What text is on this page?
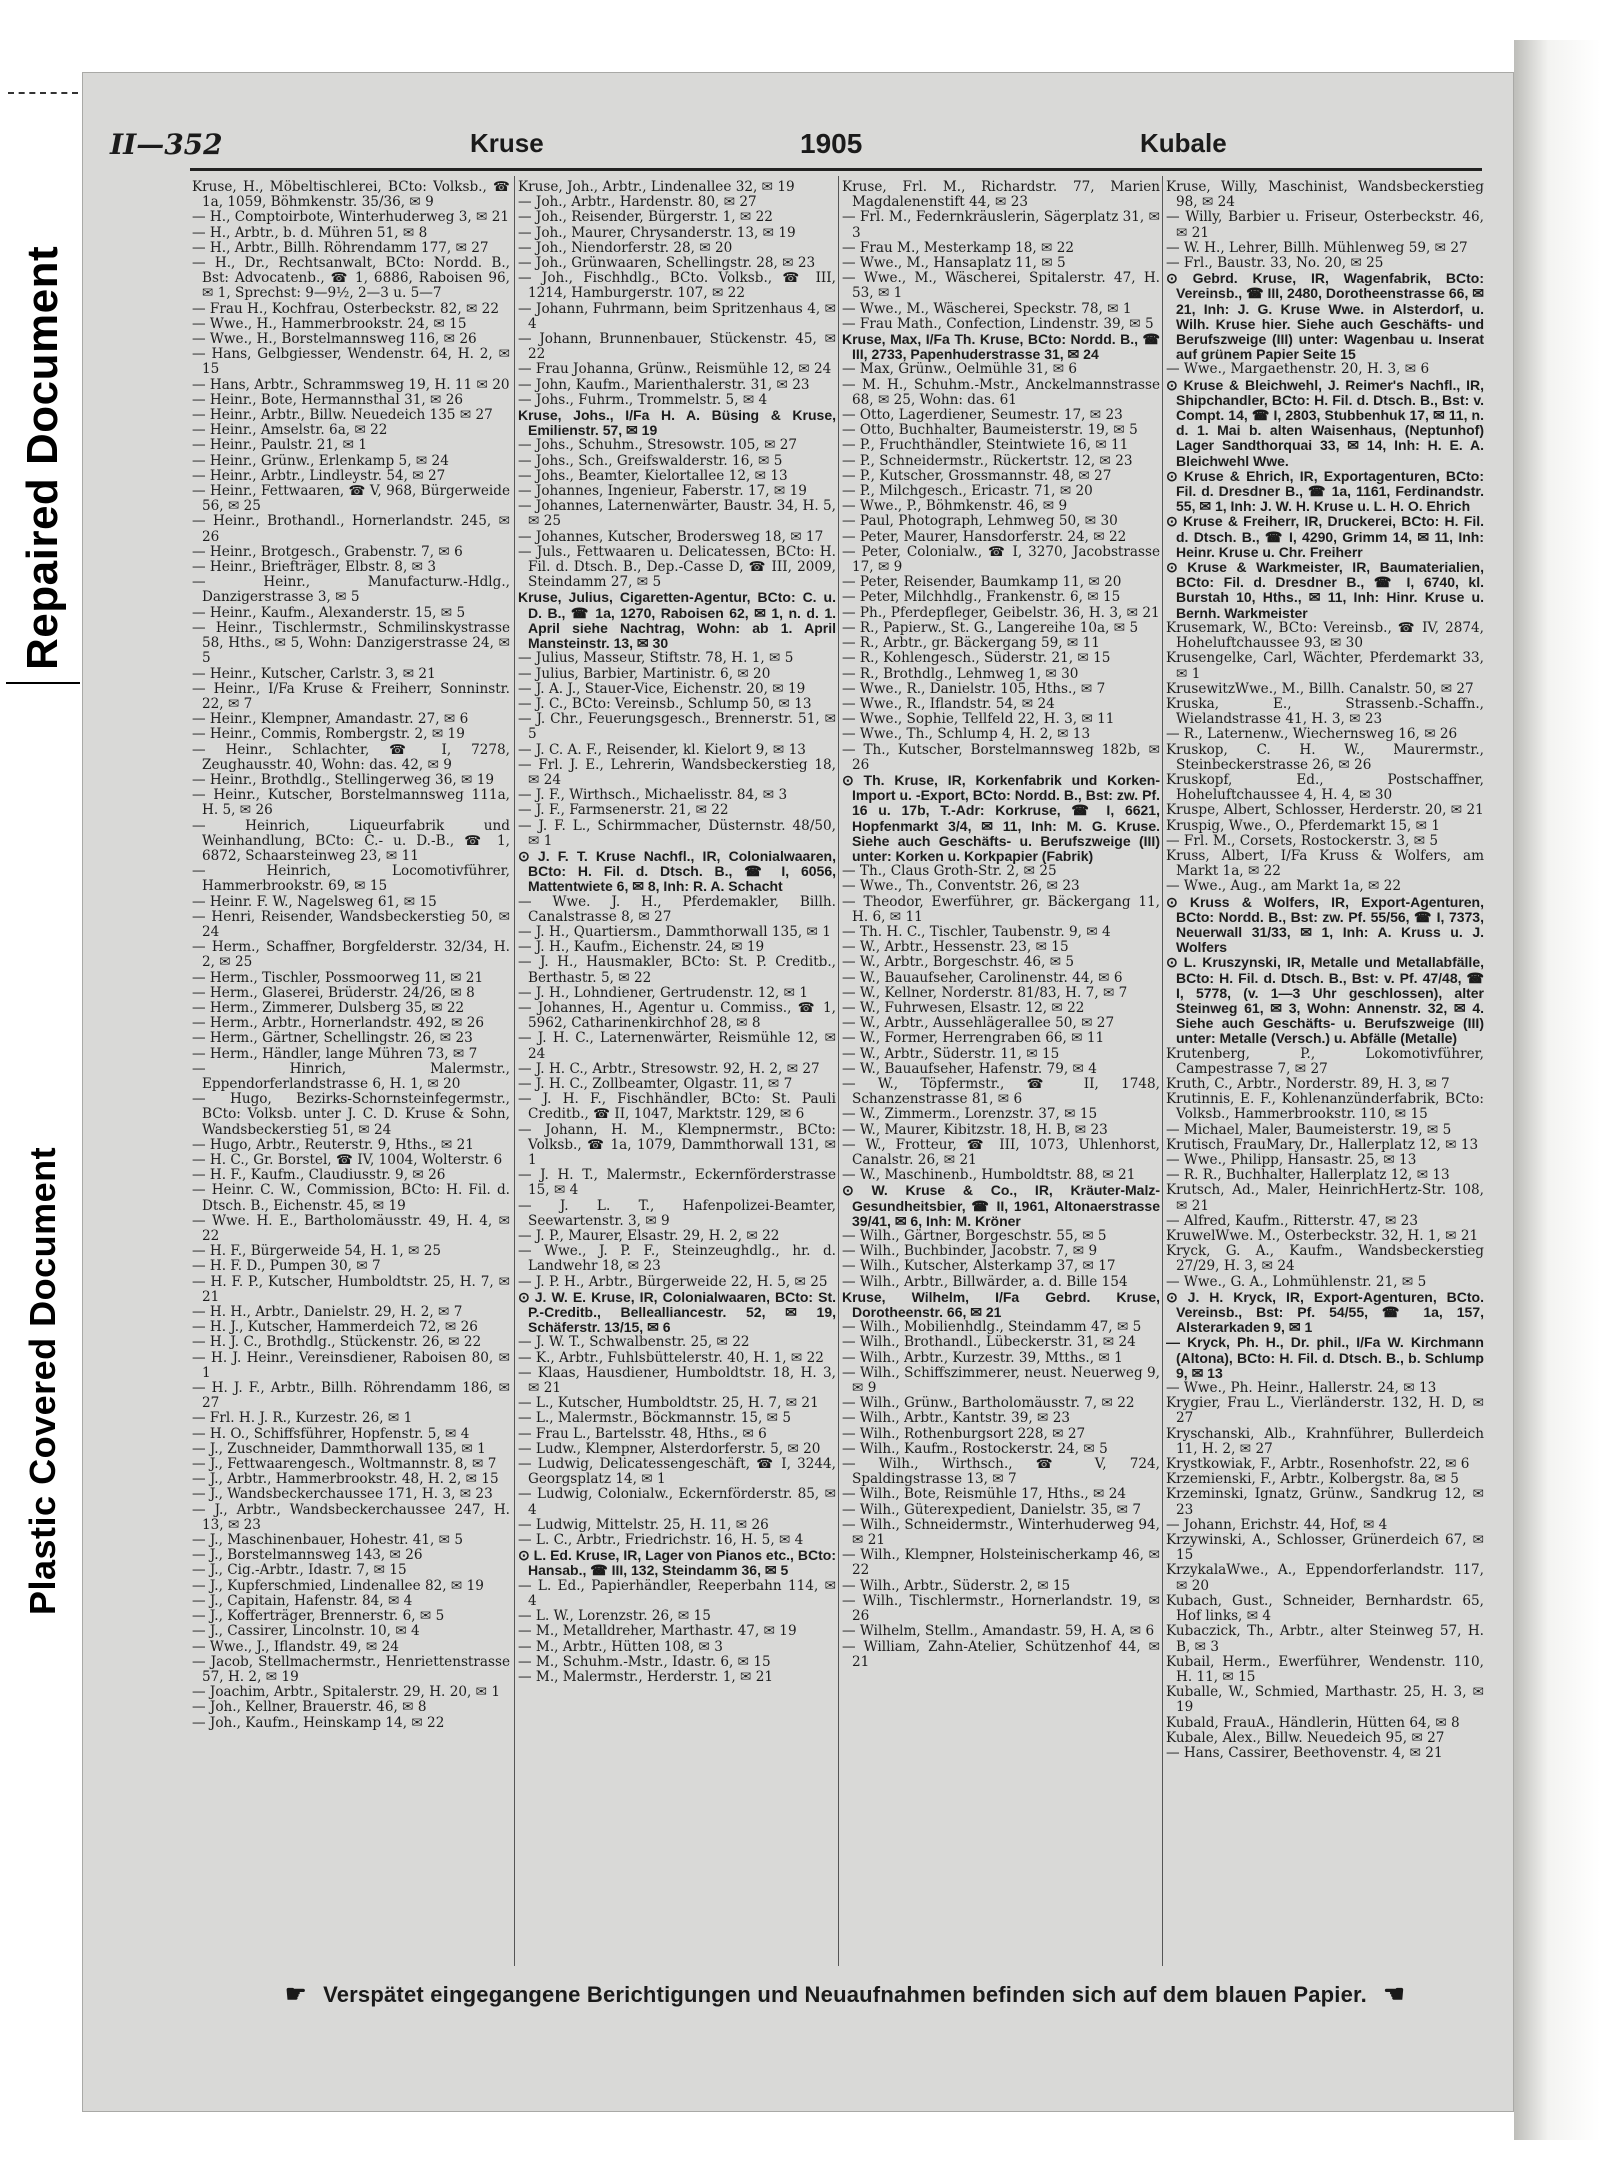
Repaired Document
Plastic Covered Document
II—352	Kruse	1905	Kubale

Kruse, H., Möbeltischlerei, BCto: Volksb., ☎ 1a, 1059, Böhmkenstr. 35/36, ✉ 9

— H., Comptoirbote, Winterhuderweg 3, ✉ 21

— H., Arbtr., b. d. Mühren 51, ✉ 8

— H., Arbtr., Billh. Röhrendamm 177, ✉ 27

— H., Dr., Rechtsanwalt, BCto: Nordd. B., Bst: Advocatenb., ☎ 1, 6886, Raboisen 96, ✉ 1, Sprechst: 9—9½, 2—3 u. 5—7

— Frau H., Kochfrau, Osterbeckstr. 82, ✉ 22

— Wwe., H., Hammerbrookstr. 24, ✉ 15

— Wwe., H., Borstelmannsweg 116, ✉ 26

— Hans, Gelbgiesser, Wendenstr. 64, H. 2, ✉ 15

— Hans, Arbtr., Schrammsweg 19, H. 11 ✉ 20

— Heinr., Bote, Hermannsthal 31, ✉ 26

— Heinr., Arbtr., Billw. Neuedeich 135 ✉ 27

— Heinr., Amselstr. 6a, ✉ 22

— Heinr., Paulstr. 21, ✉ 1

— Heinr., Grünw., Erlenkamp 5, ✉ 24

— Heinr., Arbtr., Lindleystr. 54, ✉ 27

— Heinr., Fettwaaren, ☎ V, 968, Bürgerweide 56, ✉ 25

— Heinr., Brothandl., Hornerlandstr. 245, ✉ 26

— Heinr., Brotgesch., Grabenstr. 7, ✉ 6

— Heinr., Briefträger, Elbstr. 8, ✉ 3

— Heinr., Manufacturw.-Hdlg., Danzigerstrasse 3, ✉ 5

— Heinr., Kaufm., Alexanderstr. 15, ✉ 5

— Heinr., Tischlermstr., Schmilinskystrasse 58, Hths., ✉ 5, Wohn: Danzigerstrasse 24, ✉ 5

— Heinr., Kutscher, Carlstr. 3, ✉ 21

— Heinr., I/Fa Kruse & Freiherr, Sonninstr. 22, ✉ 7

— Heinr., Klempner, Amandastr. 27, ✉ 6

— Heinr., Commis, Rombergstr. 2, ✉ 19

— Heinr., Schlachter, ☎ I, 7278, Zeughausstr. 40, Wohn: das. 42, ✉ 9

— Heinr., Brothdlg., Stellingerweg 36, ✉ 19

— Heinr., Kutscher, Borstelmannsweg 111a, H. 5, ✉ 26

— Heinrich, Liqueurfabrik und Weinhandlung, BCto: C.- u. D.-B., ☎ 1, 6872, Schaarsteinweg 23, ✉ 11

— Heinrich, Locomotivführer, Hammerbrookstr. 69, ✉ 15

— Heinr. F. W., Nagelsweg 61, ✉ 15

— Henri, Reisender, Wandsbeckerstieg 50, ✉ 24

— Herm., Schaffner, Borgfelderstr. 32/34, H. 2, ✉ 25

— Herm., Tischler, Possmoorweg 11, ✉ 21

— Herm., Glaserei, Brüderstr. 24/26, ✉ 8

— Herm., Zimmerer, Dulsberg 35, ✉ 22

— Herm., Arbtr., Hornerlandstr. 492, ✉ 26

— Herm., Gärtner, Schellingstr. 26, ✉ 23

— Herm., Händler, lange Mühren 73, ✉ 7

— Hinrich, Malermstr., Eppendorferlandstrasse 6, H. 1, ✉ 20

— Hugo, Bezirks-Schornsteinfegermstr., BCto: Volksb. unter J. C. D. Kruse & Sohn, Wandsbeckerstieg 51, ✉ 24

— Hugo, Arbtr., Reuterstr. 9, Hths., ✉ 21

— H. C., Gr. Borstel, ☎ IV, 1004, Wolterstr. 6

— H. F., Kaufm., Claudiusstr. 9, ✉ 26

— Heinr. C. W., Commission, BCto: H. Fil. d. Dtsch. B., Eichenstr. 45, ✉ 19

— Wwe. H. E., Bartholomäusstr. 49, H. 4, ✉ 22

— H. F., Bürgerweide 54, H. 1, ✉ 25

— H. F. D., Pumpen 30, ✉ 7

— H. F. P., Kutscher, Humboldtstr. 25, H. 7, ✉ 21

— H. H., Arbtr., Danielstr. 29, H. 2, ✉ 7

— H. J., Kutscher, Hammerdeich 72, ✉ 26

— H. J. C., Brothdlg., Stückenstr. 26, ✉ 22

— H. J. Heinr., Vereinsdiener, Raboisen 80, ✉ 1

— H. J. F., Arbtr., Billh. Röhrendamm 186, ✉ 27

— Frl. H. J. R., Kurzestr. 26, ✉ 1

— H. O., Schiffsführer, Hopfenstr. 5, ✉ 4

— J., Zuschneider, Dammthorwall 135, ✉ 1

— J., Fettwaarengesch., Woltmannstr. 8, ✉ 7

— J., Arbtr., Hammerbrookstr. 48, H. 2, ✉ 15

— J., Wandsbeckerchaussee 171, H. 3, ✉ 23

— J., Arbtr., Wandsbeckerchaussee 247, H. 13, ✉ 23

— J., Maschinenbauer, Hohestr. 41, ✉ 5

— J., Borstelmannsweg 143, ✉ 26

— J., Cig.-Arbtr., Idastr. 7, ✉ 15

— J., Kupferschmied, Lindenallee 82, ✉ 19

— J., Capitain, Hafenstr. 84, ✉ 4

— J., Kofferträger, Brennerstr. 6, ✉ 5

— J., Cassirer, Lincolnstr. 10, ✉ 4

— Wwe., J., Iflandstr. 49, ✉ 24

— Jacob, Stellmachermstr., Henriettenstrasse 57, H. 2, ✉ 19

— Joachim, Arbtr., Spitalerstr. 29, H. 20, ✉ 1

— Joh., Kellner, Brauerstr. 46, ✉ 8

— Joh., Kaufm., Heinskamp 14, ✉ 22

Kruse, Joh., Arbtr., Lindenallee 32, ✉ 19

— Joh., Arbtr., Hardenstr. 80, ✉ 27

— Joh., Reisender, Bürgerstr. 1, ✉ 22

— Joh., Maurer, Chrysanderstr. 13, ✉ 19

— Joh., Niendorferstr. 28, ✉ 20

— Joh., Grünwaaren, Schellingstr. 28, ✉ 23

— Joh., Fischhdlg., BCto. Volksb., ☎ III, 1214, Hamburgerstr. 107, ✉ 22

— Johann, Fuhrmann, beim Spritzenhaus 4, ✉ 4

— Johann, Brunnenbauer, Stückenstr. 45, ✉ 22

— Frau Johanna, Grünw., Reismühle 12, ✉ 24

— John, Kaufm., Marienthalerstr. 31, ✉ 23

— Johs., Fuhrm., Trommelstr. 5, ✉ 4

Kruse, Johs., I/Fa H. A. Büsing & Kruse, Emilienstr. 57, ✉ 19

— Johs., Schuhm., Stresowstr. 105, ✉ 27

— Johs., Sch., Greifswalderstr. 16, ✉ 5

— Johs., Beamter, Kielortallee 12, ✉ 13

— Johannes, Ingenieur, Faberstr. 17, ✉ 19

— Johannes, Laternenwärter, Baustr. 34, H. 5, ✉ 25

— Johannes, Kutscher, Brodersweg 18, ✉ 17

— Juls., Fettwaaren u. Delicatessen, BCto: H. Fil. d. Dtsch. B., Dep.-Casse D, ☎ III, 2009, Steindamm 27, ✉ 5

Kruse, Julius, Cigaretten-Agentur, BCto: C. u. D. B., ☎ 1a, 1270, Raboisen 62, ✉ 1, n. d. 1. April siehe Nachtrag, Wohn: ab 1. April Mansteinstr. 13, ✉ 30

— Julius, Masseur, Stiftstr. 78, H. 1, ✉ 5

— Julius, Barbier, Martinistr. 6, ✉ 20

— J. A. J., Stauer-Vice, Eichenstr. 20, ✉ 19

— J. C., BCto: Vereinsb., Schlump 50, ✉ 13

— J. Chr., Feuerungsgesch., Brennerstr. 51, ✉ 5

— J. C. A. F., Reisender, kl. Kielort 9, ✉ 13

— Frl. J. E., Lehrerin, Wandsbeckerstieg 18, ✉ 24

— J. F., Wirthsch., Michaelisstr. 84, ✉ 3

— J. F., Farmsenerstr. 21, ✉ 22

— J. F. L., Schirmmacher, Düsternstr. 48/50, ✉ 1

⊙ J. F. T. Kruse Nachfl., IR, Colonialwaaren, BCto: H. Fil. d. Dtsch. B., ☎ I, 6056, Mattentwiete 6, ✉ 8, Inh: R. A. Schacht

— Wwe. J. H., Pferdemakler, Billh. Canalstrasse 8, ✉ 27

— J. H., Quartiersm., Dammthorwall 135, ✉ 1

— J. H., Kaufm., Eichenstr. 24, ✉ 19

— J. H., Hausmakler, BCto: St. P. Creditb., Berthastr. 5, ✉ 22

— J. H., Lohndiener, Gertrudenstr. 12, ✉ 1

— Johannes, H., Agentur u. Commiss., ☎ 1, 5962, Catharinenkirchhof 28, ✉ 8

— J. H. C., Laternenwärter, Reismühle 12, ✉ 24

— J. H. C., Arbtr., Stresowstr. 92, H. 2, ✉ 27

— J. H. C., Zollbeamter, Olgastr. 11, ✉ 7

— J. H. F., Fischhändler, BCto: St. Pauli Creditb., ☎ II, 1047, Marktstr. 129, ✉ 6

— Johann, H. M., Klempnermstr., BCto: Volksb., ☎ 1a, 1079, Dammthorwall 131, ✉ 1

— J. H. T., Malermstr., Eckernförderstrasse 15, ✉ 4

— J. L. T., Hafenpolizei-Beamter, Seewartenstr. 3, ✉ 9

— J. P., Maurer, Elsastr. 29, H. 2, ✉ 22

— Wwe., J. P. F., Steinzeughdlg., hr. d. Landwehr 18, ✉ 23

— J. P. H., Arbtr., Bürgerweide 22, H. 5, ✉ 25

⊙ J. W. E. Kruse, IR, Colonialwaaren, BCto: St. P.-Creditb., Bellealliancestr. 52, ✉ 19, Schäferstr. 13/15, ✉ 6

— J. W. T., Schwalbenstr. 25, ✉ 22

— K., Arbtr., Fuhlsbüttelerstr. 40, H. 1, ✉ 22

— Klaas, Hausdiener, Humboldtstr. 18, H. 3, ✉ 21

— L., Kutscher, Humboldtstr. 25, H. 7, ✉ 21

— L., Malermstr., Böckmannstr. 15, ✉ 5

— Frau L., Bartelsstr. 48, Hths., ✉ 6

— Ludw., Klempner, Alsterdorferstr. 5, ✉ 20

— Ludwig, Delicatessengeschäft, ☎ I, 3244, Georgsplatz 14, ✉ 1

— Ludwig, Colonialw., Eckernförderstr. 85, ✉ 4

— Ludwig, Mittelstr. 25, H. 11, ✉ 26

— L. C., Arbtr., Friedrichstr. 16, H. 5, ✉ 4

⊙ L. Ed. Kruse, IR, Lager von Pianos etc., BCto: Hansab., ☎ III, 132, Steindamm 36, ✉ 5

— L. Ed., Papierhändler, Reeperbahn 114, ✉ 4

— L. W., Lorenzstr. 26, ✉ 15

— M., Metalldreher, Marthastr. 47, ✉ 19

— M., Arbtr., Hütten 108, ✉ 3

— M., Schuhm.-Mstr., Idastr. 6, ✉ 15

— M., Malermstr., Herderstr. 1, ✉ 21

Kruse, Frl. M., Richardstr. 77, Marien Magdalenenstift 44, ✉ 23

— Frl. M., Federnkräuslerin, Sägerplatz 31, ✉ 3

— Frau M., Mesterkamp 18, ✉ 22

— Wwe., M., Hansaplatz 11, ✉ 5

— Wwe., M., Wäscherei, Spitalerstr. 47, H. 53, ✉ 1

— Wwe., M., Wäscherei, Speckstr. 78, ✉ 1

— Frau Math., Confection, Lindenstr. 39, ✉ 5

Kruse, Max, I/Fa Th. Kruse, BCto: Nordd. B., ☎ III, 2733, Papenhuderstrasse 31, ✉ 24

— Max, Grünw., Oelmühle 31, ✉ 6

— M. H., Schuhm.-Mstr., Anckelmannstrasse 68, ✉ 25, Wohn: das. 61

— Otto, Lagerdiener, Seumestr. 17, ✉ 23

— Otto, Buchhalter, Baumeisterstr. 19, ✉ 5

— P., Fruchthändler, Steintwiete 16, ✉ 11

— P., Schneidermstr., Rückertstr. 12, ✉ 23

— P., Kutscher, Grossmannstr. 48, ✉ 27

— P., Milchgesch., Ericastr. 71, ✉ 20

— Wwe., P., Böhmkenstr. 46, ✉ 9

— Paul, Photograph, Lehmweg 50, ✉ 30

— Peter, Maurer, Hansdorferstr. 24, ✉ 22

— Peter, Colonialw., ☎ I, 3270, Jacobstrasse 17, ✉ 9

— Peter, Reisender, Baumkamp 11, ✉ 20

— Peter, Milchhdlg., Frankenstr. 6, ✉ 15

— Ph., Pferdepfleger, Geibelstr. 36, H. 3, ✉ 21

— R., Papierw., St. G., Langereihe 10a, ✉ 5

— R., Arbtr., gr. Bäckergang 59, ✉ 11

— R., Kohlengesch., Süderstr. 21, ✉ 15

— R., Brothdlg., Lehmweg 1, ✉ 30

— Wwe., R., Danielstr. 105, Hths., ✉ 7

— Wwe., R., Iflandstr. 54, ✉ 24

— Wwe., Sophie, Tellfeld 22, H. 3, ✉ 11

— Wwe., Th., Schlump 4, H. 2, ✉ 13

— Th., Kutscher, Borstelmannsweg 182b, ✉ 26

⊙ Th. Kruse, IR, Korkenfabrik und Korken-Import u. -Export, BCto: Nordd. B., Bst: zw. Pf. 16 u. 17b, T.-Adr: Korkruse, ☎ I, 6621, Hopfenmarkt 3/4, ✉ 11, Inh: M. G. Kruse. Siehe auch Geschäfts- u. Berufszweige (III) unter: Korken u. Korkpapier (Fabrik)

— Th., Claus Groth-Str. 2, ✉ 25

— Wwe., Th., Conventstr. 26, ✉ 23

— Theodor, Ewerführer, gr. Bäckergang 11, H. 6, ✉ 11

— Th. H. C., Tischler, Taubenstr. 9, ✉ 4

— W., Arbtr., Hessenstr. 23, ✉ 15

— W., Arbtr., Borgeschstr. 46, ✉ 5

— W., Bauaufseher, Carolinenstr. 44, ✉ 6

— W., Kellner, Norderstr. 81/83, H. 7, ✉ 7

— W., Fuhrwesen, Elsastr. 12, ✉ 22

— W., Arbtr., Aussehlägerallee 50, ✉ 27

— W., Former, Herrengraben 66, ✉ 11

— W., Arbtr., Süderstr. 11, ✉ 15

— W., Bauaufseher, Hafenstr. 79, ✉ 4

— W., Töpfermstr., ☎ II, 1748, Schanzenstrasse 81, ✉ 6

— W., Zimmerm., Lorenzstr. 37, ✉ 15

— W., Maurer, Kibitzstr. 18, H. B, ✉ 23

— W., Frotteur, ☎ III, 1073, Uhlenhorst, Canalstr. 26, ✉ 21

— W., Maschinenb., Humboldtstr. 88, ✉ 21

⊙ W. Kruse & Co., IR, Kräuter-Malz-Gesundheitsbier, ☎ II, 1961, Altonaerstrasse 39/41, ✉ 6, Inh: M. Kröner

— Wilh., Gärtner, Borgeschstr. 55, ✉ 5

— Wilh., Buchbinder, Jacobstr. 7, ✉ 9

— Wilh., Kutscher, Alsterkamp 37, ✉ 17

— Wilh., Arbtr., Billwärder, a. d. Bille 154

Kruse, Wilhelm, I/Fa Gebrd. Kruse, Dorotheenstr. 66, ✉ 21

— Wilh., Mobilienhdlg., Steindamm 47, ✉ 5

— Wilh., Brothandl., Lübeckerstr. 31, ✉ 24

— Wilh., Arbtr., Kurzestr. 39, Mtths., ✉ 1

— Wilh., Schiffszimmerer, neust. Neuerweg 9, ✉ 9

— Wilh., Grünw., Bartholomäusstr. 7, ✉ 22

— Wilh., Arbtr., Kantstr. 39, ✉ 23

— Wilh., Rothenburgsort 228, ✉ 27

— Wilh., Kaufm., Rostockerstr. 24, ✉ 5

— Wilh., Wirthsch., ☎ V, 724, Spaldingstrasse 13, ✉ 7

— Wilh., Bote, Reismühle 17, Hths., ✉ 24

— Wilh., Güterexpedient, Danielstr. 35, ✉ 7

— Wilh., Schneidermstr., Winterhuderweg 94, ✉ 21

— Wilh., Klempner, Holsteinischerkamp 46, ✉ 22

— Wilh., Arbtr., Süderstr. 2, ✉ 15

— Wilh., Tischlermstr., Hornerlandstr. 19, ✉ 26

— Wilhelm, Stellm., Amandastr. 59, H. A, ✉ 6

— William, Zahn-Atelier, Schützenhof 44, ✉ 21

Kruse, Willy, Maschinist, Wandsbeckerstieg 98, ✉ 24

— Willy, Barbier u. Friseur, Osterbeckstr. 46, ✉ 21

— W. H., Lehrer, Billh. Mühlenweg 59, ✉ 27

— Frl., Baustr. 33, No. 20, ✉ 25

⊙ Gebrd. Kruse, IR, Wagenfabrik, BCto: Vereinsb., ☎ III, 2480, Dorotheenstrasse 66, ✉ 21, Inh: J. G. Kruse Wwe. in Alsterdorf, u. Wilh. Kruse hier. Siehe auch Geschäfts- und Berufszweige (III) unter: Wagenbau u. Inserat auf grünem Papier Seite 15

— Wwe., Margaethenstr. 20, H. 3, ✉ 6

⊙ Kruse & Bleichwehl, J. Reimer's Nachfl., IR, Shipchandler, BCto: H. Fil. d. Dtsch. B., Bst: v. Compt. 14, ☎ I, 2803, Stubbenhuk 17, ✉ 11, n. d. 1. Mai b. alten Waisenhaus, (Neptunhof) Lager Sandthorquai 33, ✉ 14, Inh: H. E. A. Bleichwehl Wwe.

⊙ Kruse & Ehrich, IR, Exportagenturen, BCto: Fil. d. Dresdner B., ☎ 1a, 1161, Ferdinandstr. 55, ✉ 1, Inh: J. W. H. Kruse u. L. H. O. Ehrich

⊙ Kruse & Freiherr, IR, Druckerei, BCto: H. Fil. d. Dtsch. B., ☎ I, 4290, Grimm 14, ✉ 11, Inh: Heinr. Kruse u. Chr. Freiherr

⊙ Kruse & Warkmeister, IR, Baumaterialien, BCto: Fil. d. Dresdner B., ☎ I, 6740, kl. Burstah 10, Hths., ✉ 11, Inh: Hinr. Kruse u. Bernh. Warkmeister

Krusemark, W., BCto: Vereinsb., ☎ IV, 2874, Hoheluftchaussee 93, ✉ 30

Krusengelke, Carl, Wächter, Pferdemarkt 33, ✉ 1

KrusewitzWwe., M., Billh. Canalstr. 50, ✉ 27

Kruska, E., Strassenb.-Schaffn., Wielandstrasse 41, H. 3, ✉ 23

— R., Laternenw., Wiechernsweg 16, ✉ 26

Kruskop, C. H. W., Maurermstr., Steinbeckerstrasse 26, ✉ 26

Kruskopf, Ed., Postschaffner, Hoheluftchaussee 4, H. 4, ✉ 30

Kruspe, Albert, Schlosser, Herderstr. 20, ✉ 21

Kruspig, Wwe., O., Pferdemarkt 15, ✉ 1

— Frl. M., Corsets, Rostockerstr. 3, ✉ 5

Kruss, Albert, I/Fa Kruss & Wolfers, am Markt 1a, ✉ 22

— Wwe., Aug., am Markt 1a, ✉ 22

⊙ Kruss & Wolfers, IR, Export-Agenturen, BCto: Nordd. B., Bst: zw. Pf. 55/56, ☎ I, 7373, Neuerwall 31/33, ✉ 1, Inh: A. Kruss u. J. Wolfers

⊙ L. Kruszynski, IR, Metalle und Metallabfälle, BCto: H. Fil. d. Dtsch. B., Bst: v. Pf. 47/48, ☎ I, 5778, (v. 1—3 Uhr geschlossen), alter Steinweg 61, ✉ 3, Wohn: Annenstr. 32, ✉ 4. Siehe auch Geschäfts- u. Berufszweige (III) unter: Metalle (Versch.) u. Abfälle (Metalle)

Krutenberg, P., Lokomotivführer, Campestrasse 7, ✉ 27

Kruth, C., Arbtr., Norderstr. 89, H. 3, ✉ 7

Krutinnis, E. F., Kohlenanzünderfabrik, BCto: Volksb., Hammerbrookstr. 110, ✉ 15

— Michael, Maler, Baumeisterstr. 19, ✉ 5

Krutisch, FrauMary, Dr., Hallerplatz 12, ✉ 13

— Wwe., Philipp, Hansastr. 25, ✉ 13

— R. R., Buchhalter, Hallerplatz 12, ✉ 13

Krutsch, Ad., Maler, HeinrichHertz-Str. 108, ✉ 21

— Alfred, Kaufm., Ritterstr. 47, ✉ 23

KruwelWwe. M., Osterbeckstr. 32, H. 1, ✉ 21

Kryck, G. A., Kaufm., Wandsbeckerstieg 27/29, H. 3, ✉ 24

— Wwe., G. A., Lohmühlenstr. 21, ✉ 5

⊙ J. H. Kryck, IR, Export-Agenturen, BCto. Vereinsb., Bst: Pf. 54/55, ☎ 1a, 157, Alsterarkaden 9, ✉ 1

— Kryck, Ph. H., Dr. phil., I/Fa W. Kirchmann (Altona), BCto: H. Fil. d. Dtsch. B., b. Schlump 9, ✉ 13

— Wwe., Ph. Heinr., Hallerstr. 24, ✉ 13

Krygier, Frau L., Vierländerstr. 132, H. D, ✉ 27

Kryschanski, Alb., Krahnführer, Bullerdeich 11, H. 2, ✉ 27

Krystkowiak, F., Arbtr., Rosenhofstr. 22, ✉ 6

Krzemienski, F., Arbtr., Kolbergstr. 8a, ✉ 5

Krzeminski, Ignatz, Grünw., Sandkrug 12, ✉ 23

— Johann, Erichstr. 44, Hof, ✉ 4

Krzywinski, A., Schlosser, Grünerdeich 67, ✉ 15

KrzykalaWwe., A., Eppendorferlandstr. 117, ✉ 20

Kubach, Gust., Schneider, Bernhardstr. 65, Hof links, ✉ 4

Kubaczick, Th., Arbtr., alter Steinweg 57, H. B, ✉ 3

Kubail, Herm., Ewerführer, Wendenstr. 110, H. 11, ✉ 15

Kuballe, W., Schmied, Marthastr. 25, H. 3, ✉ 19

Kubald, FrauA., Händlerin, Hütten 64, ✉ 8

Kubale, Alex., Billw. Neuedeich 95, ✉ 27

— Hans, Cassirer, Beethovenstr. 4, ✉ 21

☛ Verspätet eingegangene Berichtigungen und Neuaufnahmen befinden sich auf dem blauen Papier. ☚
